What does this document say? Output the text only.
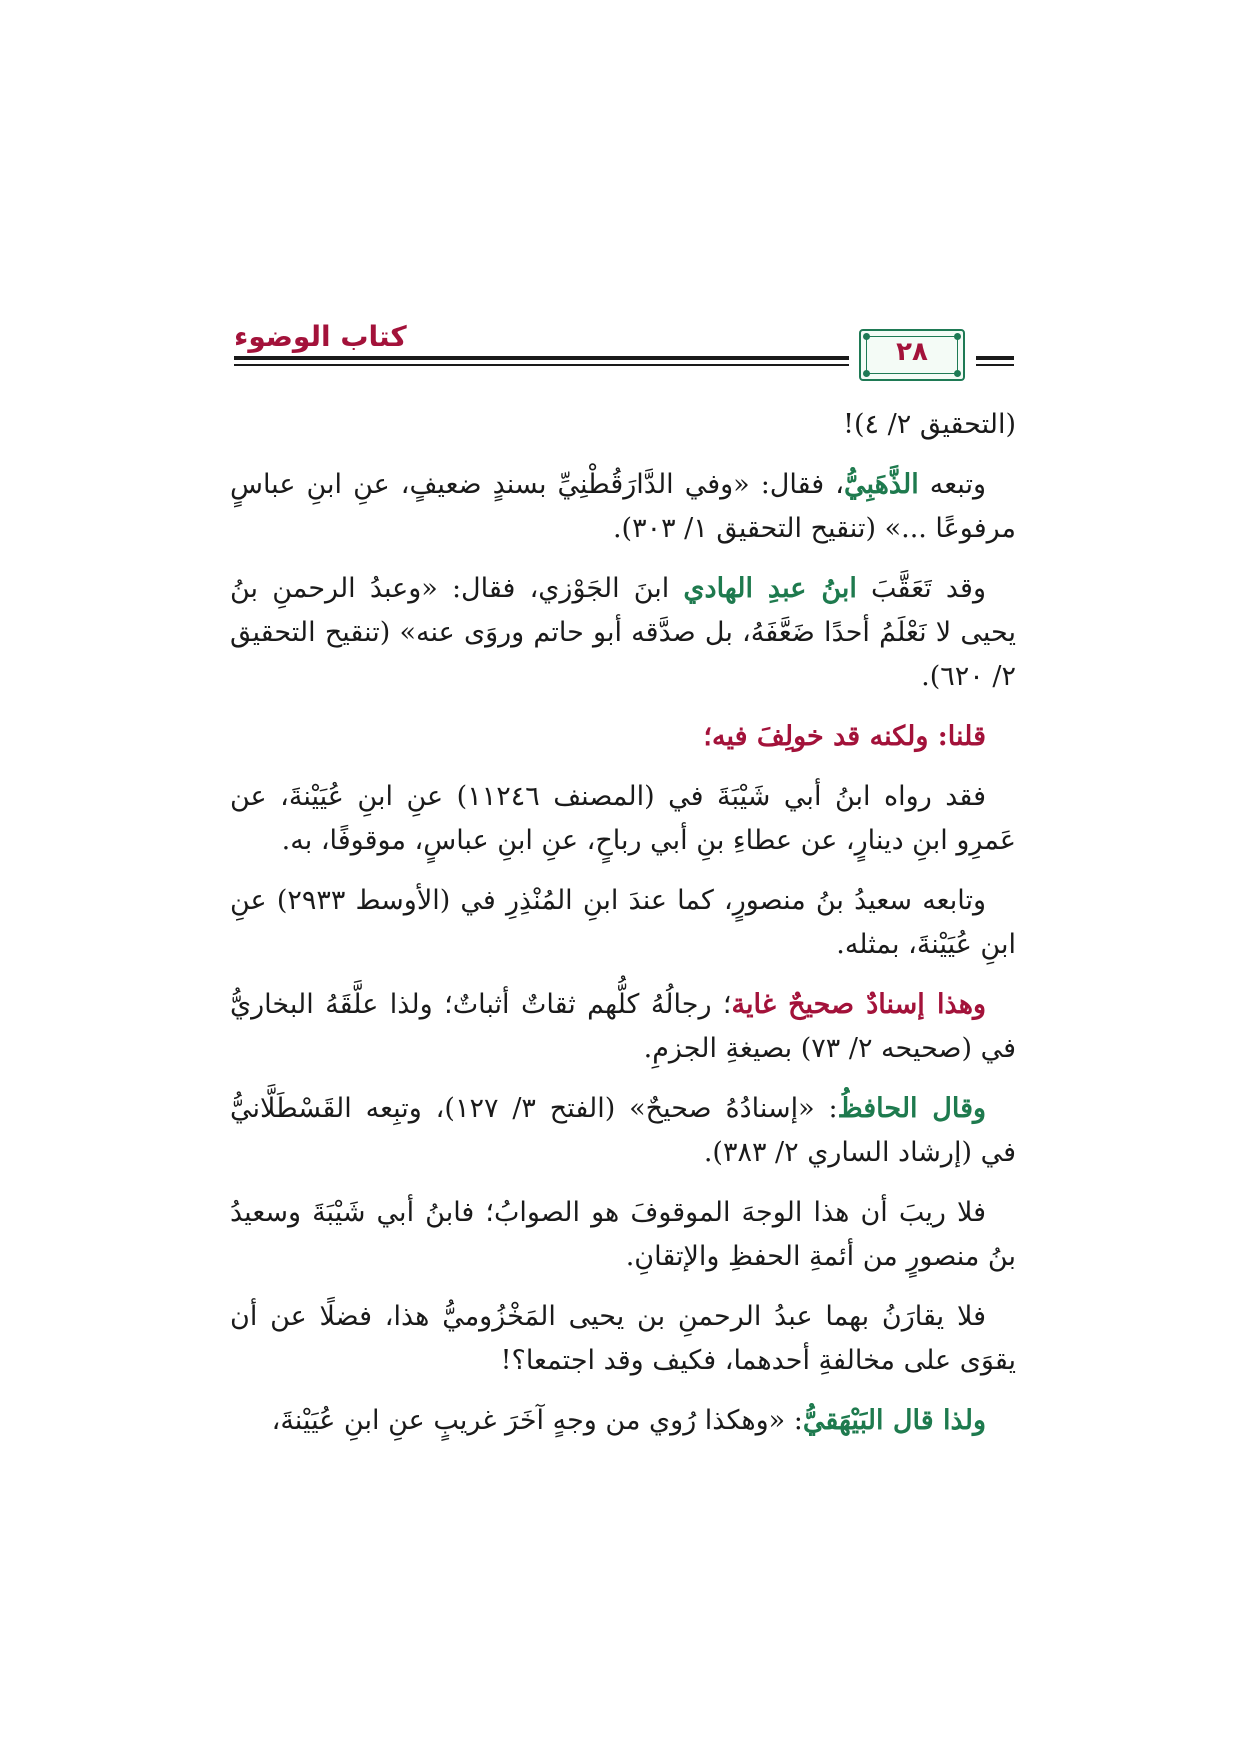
كتاب الوضوء	٢٨

(التحقيق ٢/ ٤)!

وتبعه الذَّهَبِيُّ، فقال: «وفي الدَّارَقُطْنِيِّ بسندٍ ضعيفٍ، عنِ ابنِ عباسٍ مرفوعًا ...» (تنقيح التحقيق ١/ ٣٠٣).

وقد تَعَقَّبَ ابنُ عبدِ الهادي ابنَ الجَوْزي، فقال: «وعبدُ الرحمنِ بنُ يحيى لا نَعْلَمُ أحدًا ضَعَّفَهُ، بل صدَّقه أبو حاتم وروَى عنه» (تنقيح التحقيق ٢/ ٦٢٠).

قلنا: ولكنه قد خولِفَ فيه؛

فقد رواه ابنُ أبي شَيْبَةَ في (المصنف ١١٢٤٦) عنِ ابنِ عُيَيْنةَ، عن عَمرِو ابنِ دينارٍ، عن عطاءِ بنِ أبي رباحٍ، عنِ ابنِ عباسٍ، موقوفًا، به.

وتابعه سعيدُ بنُ منصورٍ، كما عندَ ابنِ المُنْذِرِ في (الأوسط ٢٩٣٣) عنِ ابنِ عُيَيْنةَ، بمثله.

وهذا إسنادٌ صحيحٌ غاية؛ رجالُهُ كلُّهم ثقاتٌ أثباتٌ؛ ولذا علَّقَهُ البخاريُّ في (صحيحه ٢/ ٧٣) بصيغةِ الجزمِ.

وقال الحافظُ: «إسنادُهُ صحيحٌ» (الفتح ٣/ ١٢٧)، وتبِعه القَسْطَلَّانيُّ في (إرشاد الساري ٢/ ٣٨٣).

فلا ريبَ أن هذا الوجهَ الموقوفَ هو الصوابُ؛ فابنُ أبي شَيْبَةَ وسعيدُ بنُ منصورٍ من أئمةِ الحفظِ والإتقانِ.

فلا يقارَنُ بهما عبدُ الرحمنِ بن يحيى المَخْزُوميُّ هذا، فضلًا عن أن يقوَى على مخالفةِ أحدهما، فكيف وقد اجتمعا؟!

ولذا قال البَيْهَقيُّ: «وهكذا رُوي من وجهٍ آخَرَ غريبٍ عنِ ابنِ عُيَيْنةَ،
